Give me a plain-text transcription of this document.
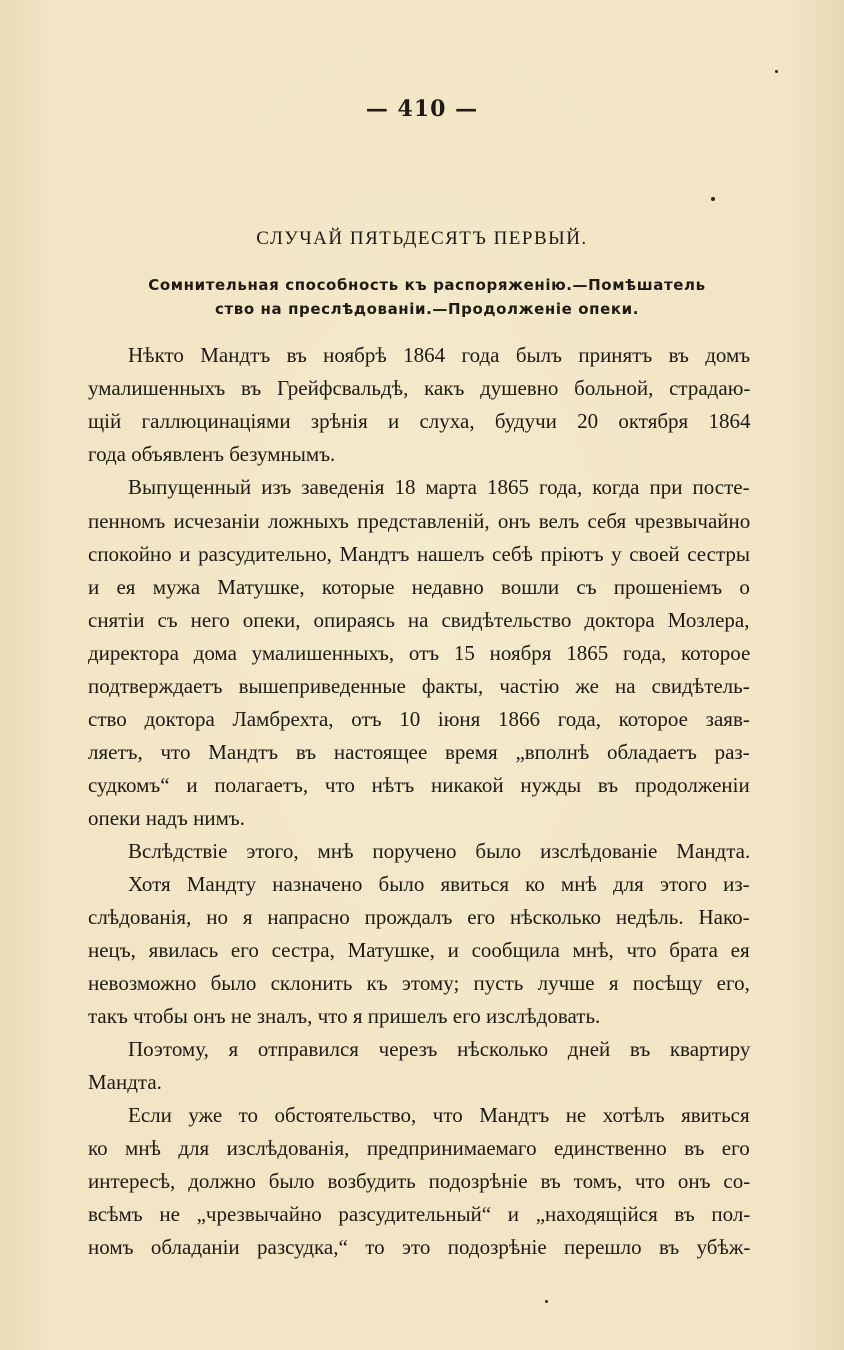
— 410 —
СЛУЧАЙ ПЯТЬДЕСЯТЪ ПЕРВЫЙ.
Сомнительная способность къ распоряженію.—Помѣшатель
ство на преслѣдованіи.—Продолженіе опеки.
Нѣкто Мандтъ въ ноябрѣ 1864 года былъ принятъ въ домъ
умалишенныхъ въ Грейфсвальдѣ, какъ душевно больной, страдаю-
щій галлюцинаціями зрѣнія и слуха, будучи 20 октября 1864
года объявленъ безумнымъ.
Выпущенный изъ заведенія 18 марта 1865 года, когда при посте-
пенномъ исчезаніи ложныхъ представленій, онъ велъ себя чрезвычайно
спокойно и разсудительно, Мандтъ нашелъ себѣ пріютъ у своей сестры
и ея мужа Матушке, которые недавно вошли съ прошеніемъ о
снятіи съ него опеки, опираясь на свидѣтельство доктора Мозлера,
директора дома умалишенныхъ, отъ 15 ноября 1865 года, которое
подтверждаетъ вышеприведенные факты, частію же на свидѣтель-
ство доктора Ламбрехта, отъ 10 іюня 1866 года, которое заяв-
ляетъ, что Мандтъ въ настоящее время „вполнѣ обладаетъ раз-
судкомъ“ и полагаетъ, что нѣтъ никакой нужды въ продолженіи
опеки надъ нимъ.
Вслѣдствіе этого, мнѣ поручено было изслѣдованіе Мандта.
Хотя Мандту назначено было явиться ко мнѣ для этого из-
слѣдованія, но я напрасно прождалъ его нѣсколько недѣль. Нако-
нецъ, явилась его сестра, Матушке, и сообщила мнѣ, что брата ея
невозможно было склонить къ этому; пусть лучше я посѣщу его,
такъ чтобы онъ не зналъ, что я пришелъ его изслѣдовать.
Поэтому, я отправился черезъ нѣсколько дней въ квартиру
Мандта.
Если уже то обстоятельство, что Мандтъ не хотѣлъ явиться
ко мнѣ для изслѣдованія, предпринимаемаго единственно въ его
интересѣ, должно было возбудить подозрѣніе въ томъ, что онъ со-
всѣмъ не „чрезвычайно разсудительный“ и „находящійся въ пол-
номъ обладаніи разсудка,“ то это подозрѣніе перешло въ убѣж-
